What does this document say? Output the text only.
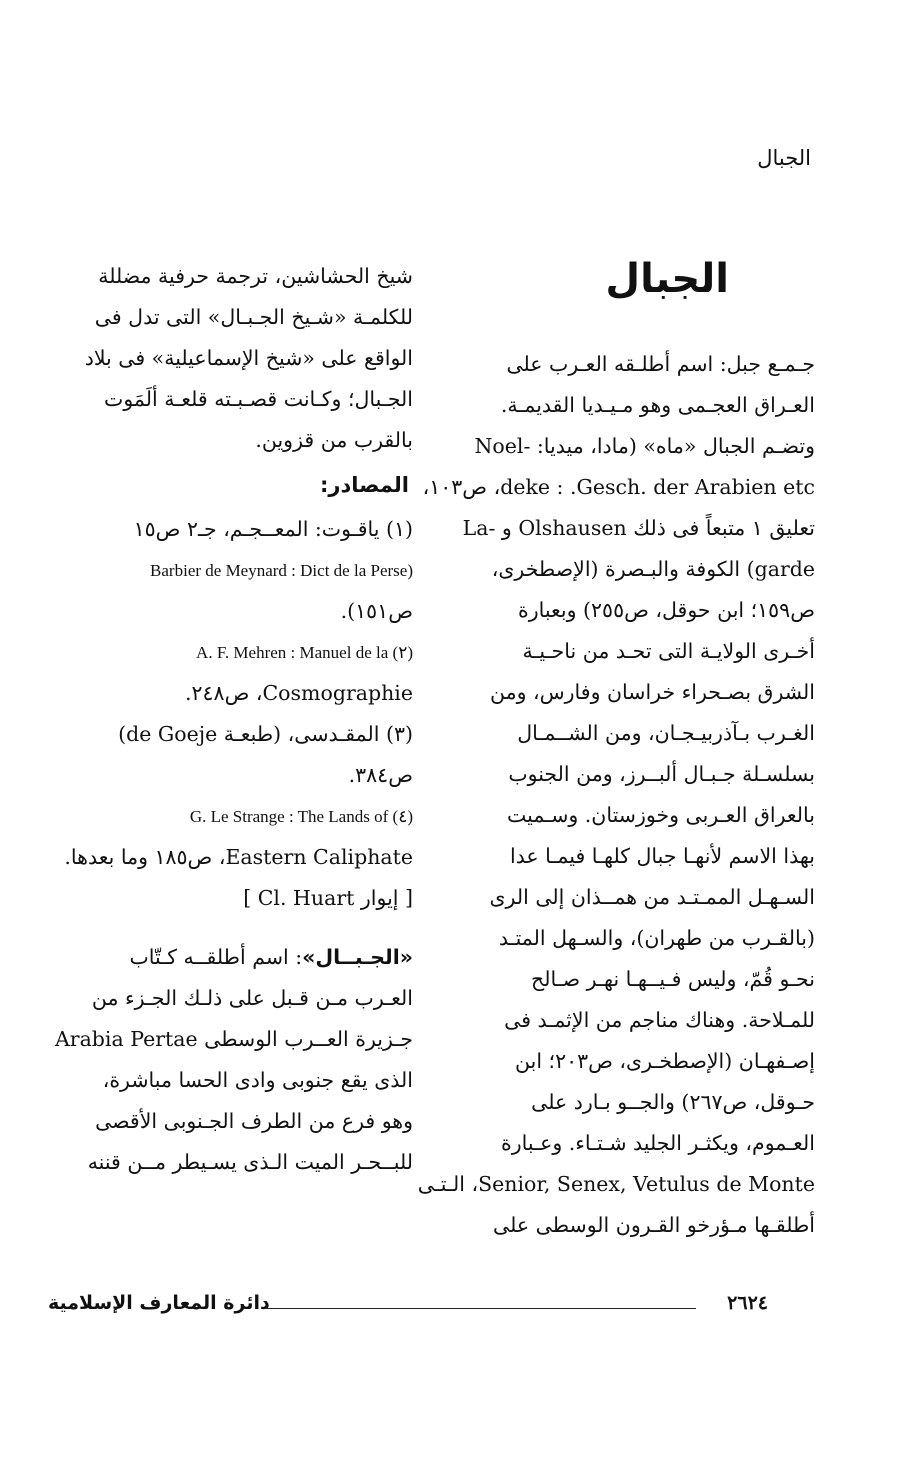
الجبال
الجبال
جـمـع جبل: اسم أطلـقه العـرب على
العـراق العجـمى وهو مـيـديا القديمـة.
وتضـم الجبال «ماه» (مادا، ميديا: -Noel
deke : .Gesch. der Arabien etc، ص١٠٣،
تعليق ١ متبعاً فى ذلك Olshausen و -La
garde) الكوفة والبـصرة (الإصطخرى،
ص١٥٩؛ ابن حوقل، ص٢٥٥) وبعبارة
أخـرى الولايـة التى تحـد من ناحـيـة
الشرق بصـحراء خراسان وفارس، ومن
الغـرب بـآذربيـجـان، ومن الشــمـال
بسلسـلة جـبـال ألبــرز، ومن الجنوب
بالعراق العـربى وخوزستان. وسـميت
بهذا الاسم لأنهـا جبال كلهـا فيمـا عدا
السـهـل الممـتـد من همــذان إلى الرى
(بالقـرب من طهران)، والسـهل المتـد
نحـو قُمّ، وليس فـيــهـا نهـر صـالح
للمـلاحة. وهناك مناجم من الإثمـد فى
إصـفهـان (الإصطخـرى، ص٢٠٣؛ ابن
حـوقل، ص٢٦٧) والجــو بـارد على
العـموم، ويكثـر الجليد شـتـاء. وعـبارة
Senior, Senex, Vetulus de Monte، الـتـى
أطلقـها مـؤرخو القـرون الوسطى على
شيخ الحشاشين، ترجمة حرفية مضللة
للكلمـة «شـيخ الجـبـال» التى تدل فى
الواقع على «شيخ الإسماعيلية» فى بلاد
الجـبال؛ وكـانت قصـبـته قلعـة ألَمَوت
بالقرب من قزوين.
المصادر:
(١) ياقـوت: المعــجـم، جـ٢ ص١٥
(Barbier de Meynard : Dict de la Perse
ص١٥١).
(٢) A. F. Mehren : Manuel de la
Cosmographie، ص٢٤٨.
(٣) المقـدسى، (طبعـة de Goeje)
ص٣٨٤.
(٤) G. Le Strange : The Lands of
Eastern Caliphate، ص١٨٥ وما بعدها.
[ إيوار Cl. Huart ]
«الجـبــال»: اسم أطلقــه كـتّاب
العـرب مـن قـبل على ذلـك الجـزء من
جـزيرة العــرب الوسطى Arabia Pertae
الذى يقع جنوبى وادى الحسا مباشرة،
وهو فرع من الطرف الجـنوبى الأقصى
للبــحـر الميت الـذى يسـيطر مــن قننه
دائرة المعارف الإسلامية	٢٦٢٤
